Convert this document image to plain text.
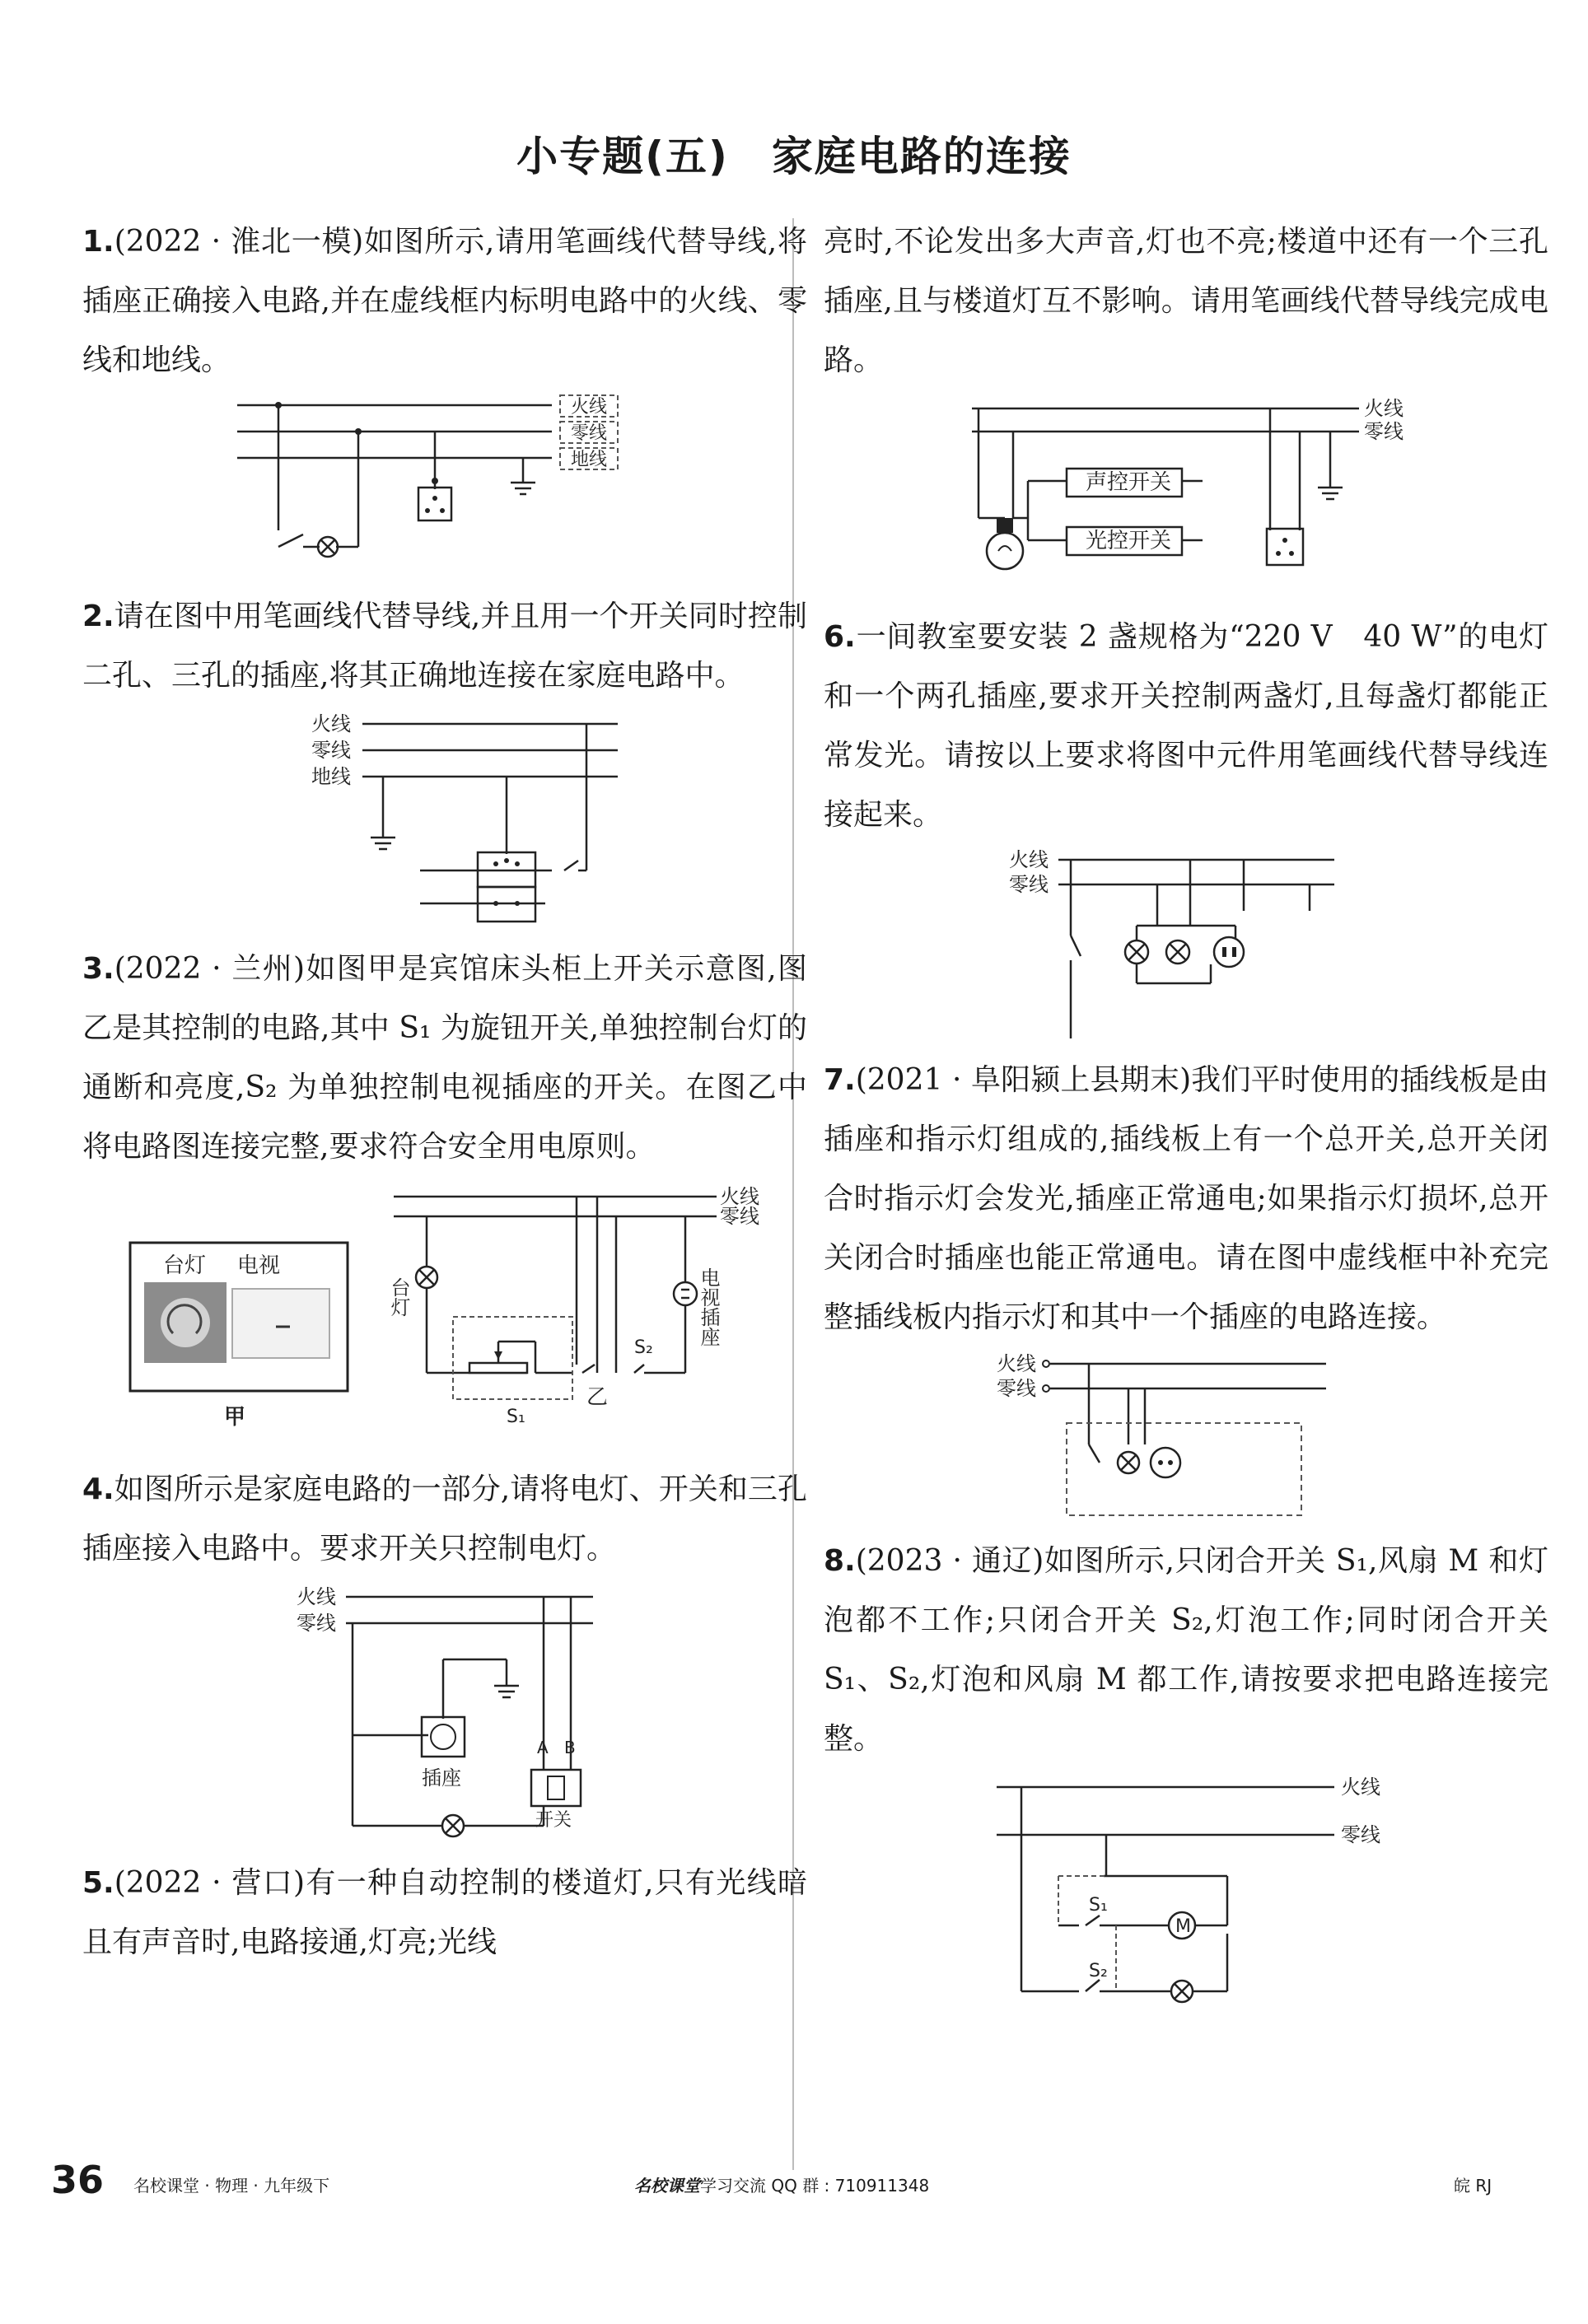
小专题(五)　家庭电路的连接

1.(2022 · 淮北一模)如图所示,请用笔画线代替导线,将插座正确接入电路,并在虚线框内标明电路中的火线、零线和地线。

火线
零线
地线

2.请在图中用笔画线代替导线,并且用一个开关同时控制二孔、三孔的插座,将其正确地连接在家庭电路中。

火线
零线
地线

3.(2022 · 兰州)如图甲是宾馆床头柜上开关示意图,图乙是其控制的电路,其中 S₁ 为旋钮开关,单独控制台灯的通断和亮度,S₂ 为单独控制电视插座的开关。在图乙中将电路图连接完整,要求符合安全用电原则。

台灯 电视
甲
火线
零线
台灯	电视插座
S₁
S₂
乙

4.如图所示是家庭电路的一部分,请将电灯、开关和三孔插座接入电路中。要求开关只控制电灯。

火线
零线
插座
开关
A B

5.(2022 · 营口)有一种自动控制的楼道灯,只有光线暗且有声音时,电路接通,灯亮;光线

亮时,不论发出多大声音,灯也不亮;楼道中还有一个三孔插座,且与楼道灯互不影响。请用笔画线代替导线完成电路。

声控开关
光控开关
火线
零线

6.一间教室要安装 2 盏规格为“220 V　40 W”的电灯和一个两孔插座,要求开关控制两盏灯,且每盏灯都能正常发光。请按以上要求将图中元件用笔画线代替导线连接起来。

火线
零线

7.(2021 · 阜阳颍上县期末)我们平时使用的插线板是由插座和指示灯组成的,插线板上有一个总开关,总开关闭合时指示灯会发光,插座正常通电;如果指示灯损坏,总开关闭合时插座也能正常通电。请在图中虚线框中补充完整插线板内指示灯和其中一个插座的电路连接。

火线
零线

8.(2023 · 通辽)如图所示,只闭合开关 S₁,风扇 M 和灯泡都不工作;只闭合开关 S₂,灯泡工作;同时闭合开关 S₁、S₂,灯泡和风扇 M 都工作,请按要求把电路连接完整。

M
S₁
S₂
火线
零线
36 名校课堂 · 物理 · 九年级下	名校课堂学习交流 QQ 群 : 710911348	皖 RJ
